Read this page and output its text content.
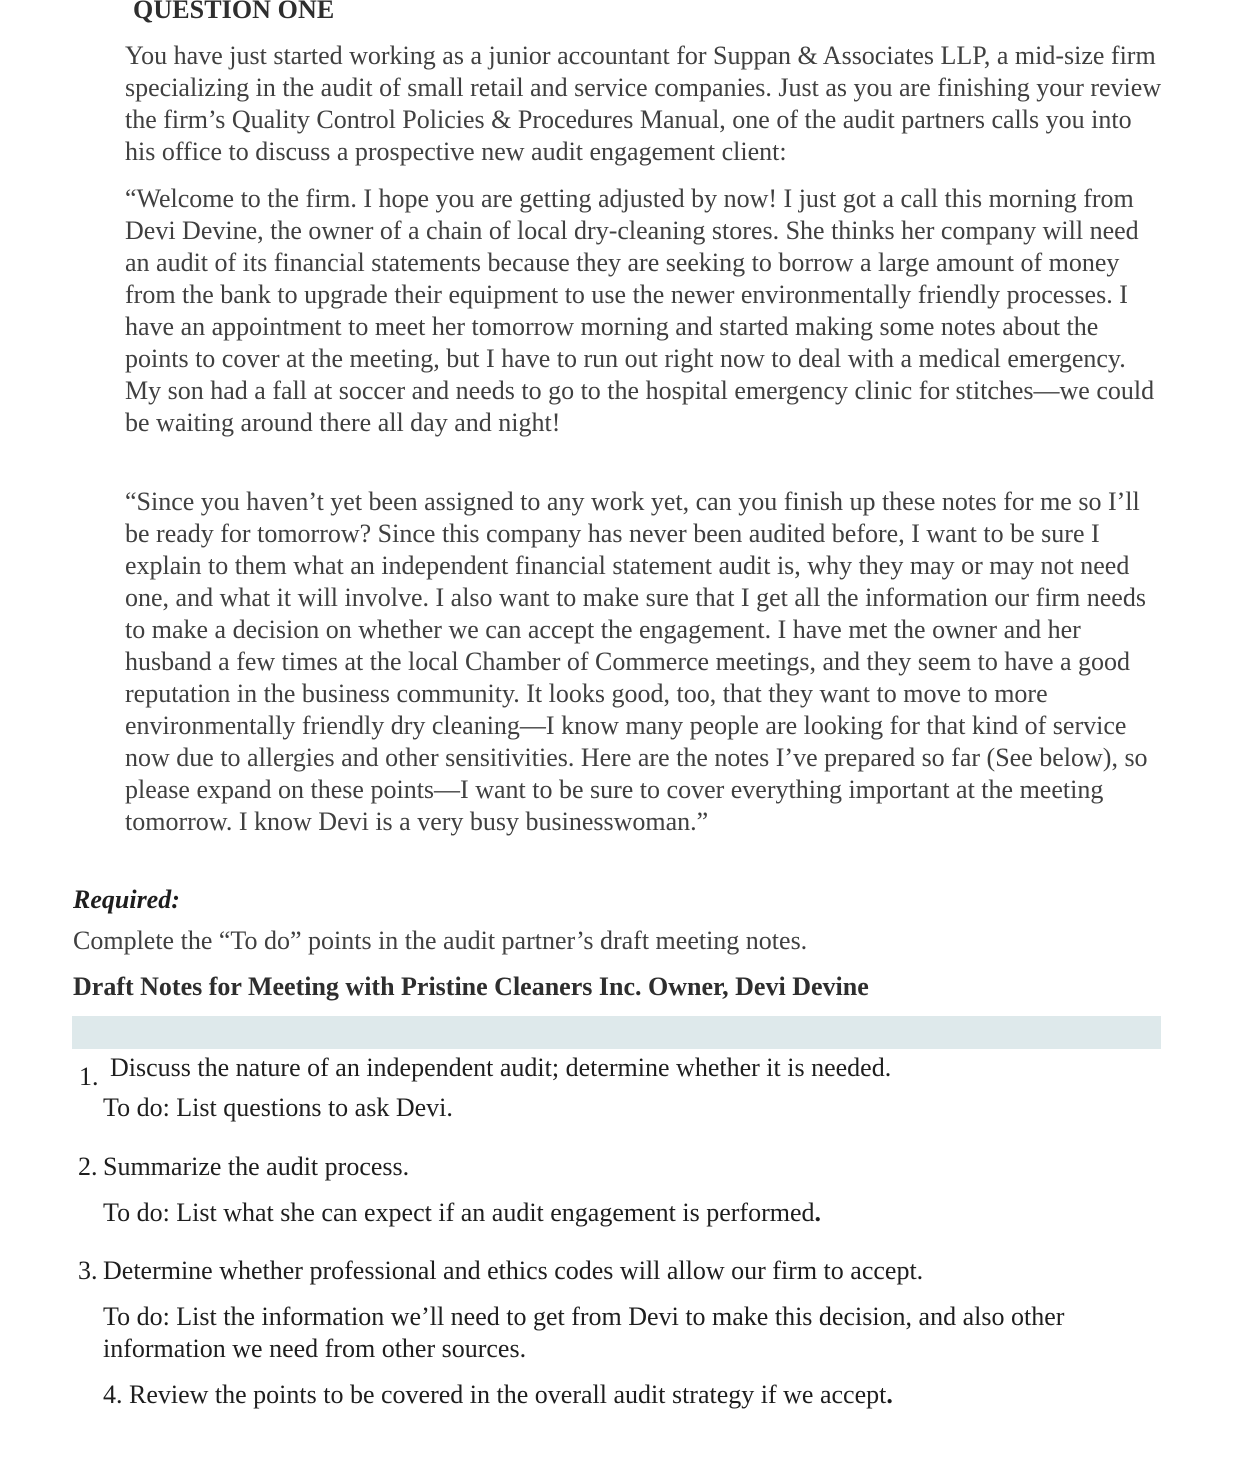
QUESTION ONE

You have just started working as a junior accountant for Suppan & Associates LLP, a mid-size firm specializing in the audit of small retail and service companies. Just as you are finishing your review the firm’s Quality Control Policies & Procedures Manual, one of the audit partners calls you into his office to discuss a prospective new audit engagement client:

“Welcome to the firm. I hope you are getting adjusted by now! I just got a call this morning from Devi Devine, the owner of a chain of local dry-cleaning stores. She thinks her company will need an audit of its financial statements because they are seeking to borrow a large amount of money from the bank to upgrade their equipment to use the newer environmentally friendly processes. I have an appointment to meet her tomorrow morning and started making some notes about the points to cover at the meeting, but I have to run out right now to deal with a medical emergency. My son had a fall at soccer and needs to go to the hospital emergency clinic for stitches—we could be waiting around there all day and night!

“Since you haven’t yet been assigned to any work yet, can you finish up these notes for me so I’ll be ready for tomorrow? Since this company has never been audited before, I want to be sure I explain to them what an independent financial statement audit is, why they may or may not need one, and what it will involve. I also want to make sure that I get all the information our firm needs to make a decision on whether we can accept the engagement. I have met the owner and her husband a few times at the local Chamber of Commerce meetings, and they seem to have a good reputation in the business community. It looks good, too, that they want to move to more environmentally friendly dry cleaning—I know many people are looking for that kind of service now due to allergies and other sensitivities. Here are the notes I’ve prepared so far (See below), so please expand on these points—I want to be sure to cover everything important at the meeting tomorrow. I know Devi is a very busy businesswoman.”

Required:

Complete the “To do” points in the audit partner’s draft meeting notes.

Draft Notes for Meeting with Pristine Cleaners Inc. Owner, Devi Devine

1. Discuss the nature of an independent audit; determine whether it is needed.

To do: List questions to ask Devi.

2. Summarize the audit process.

To do: List what she can expect if an audit engagement is performed.

3. Determine whether professional and ethics codes will allow our firm to accept.

To do: List the information we’ll need to get from Devi to make this decision, and also other information we need from other sources.

4. Review the points to be covered in the overall audit strategy if we accept.
